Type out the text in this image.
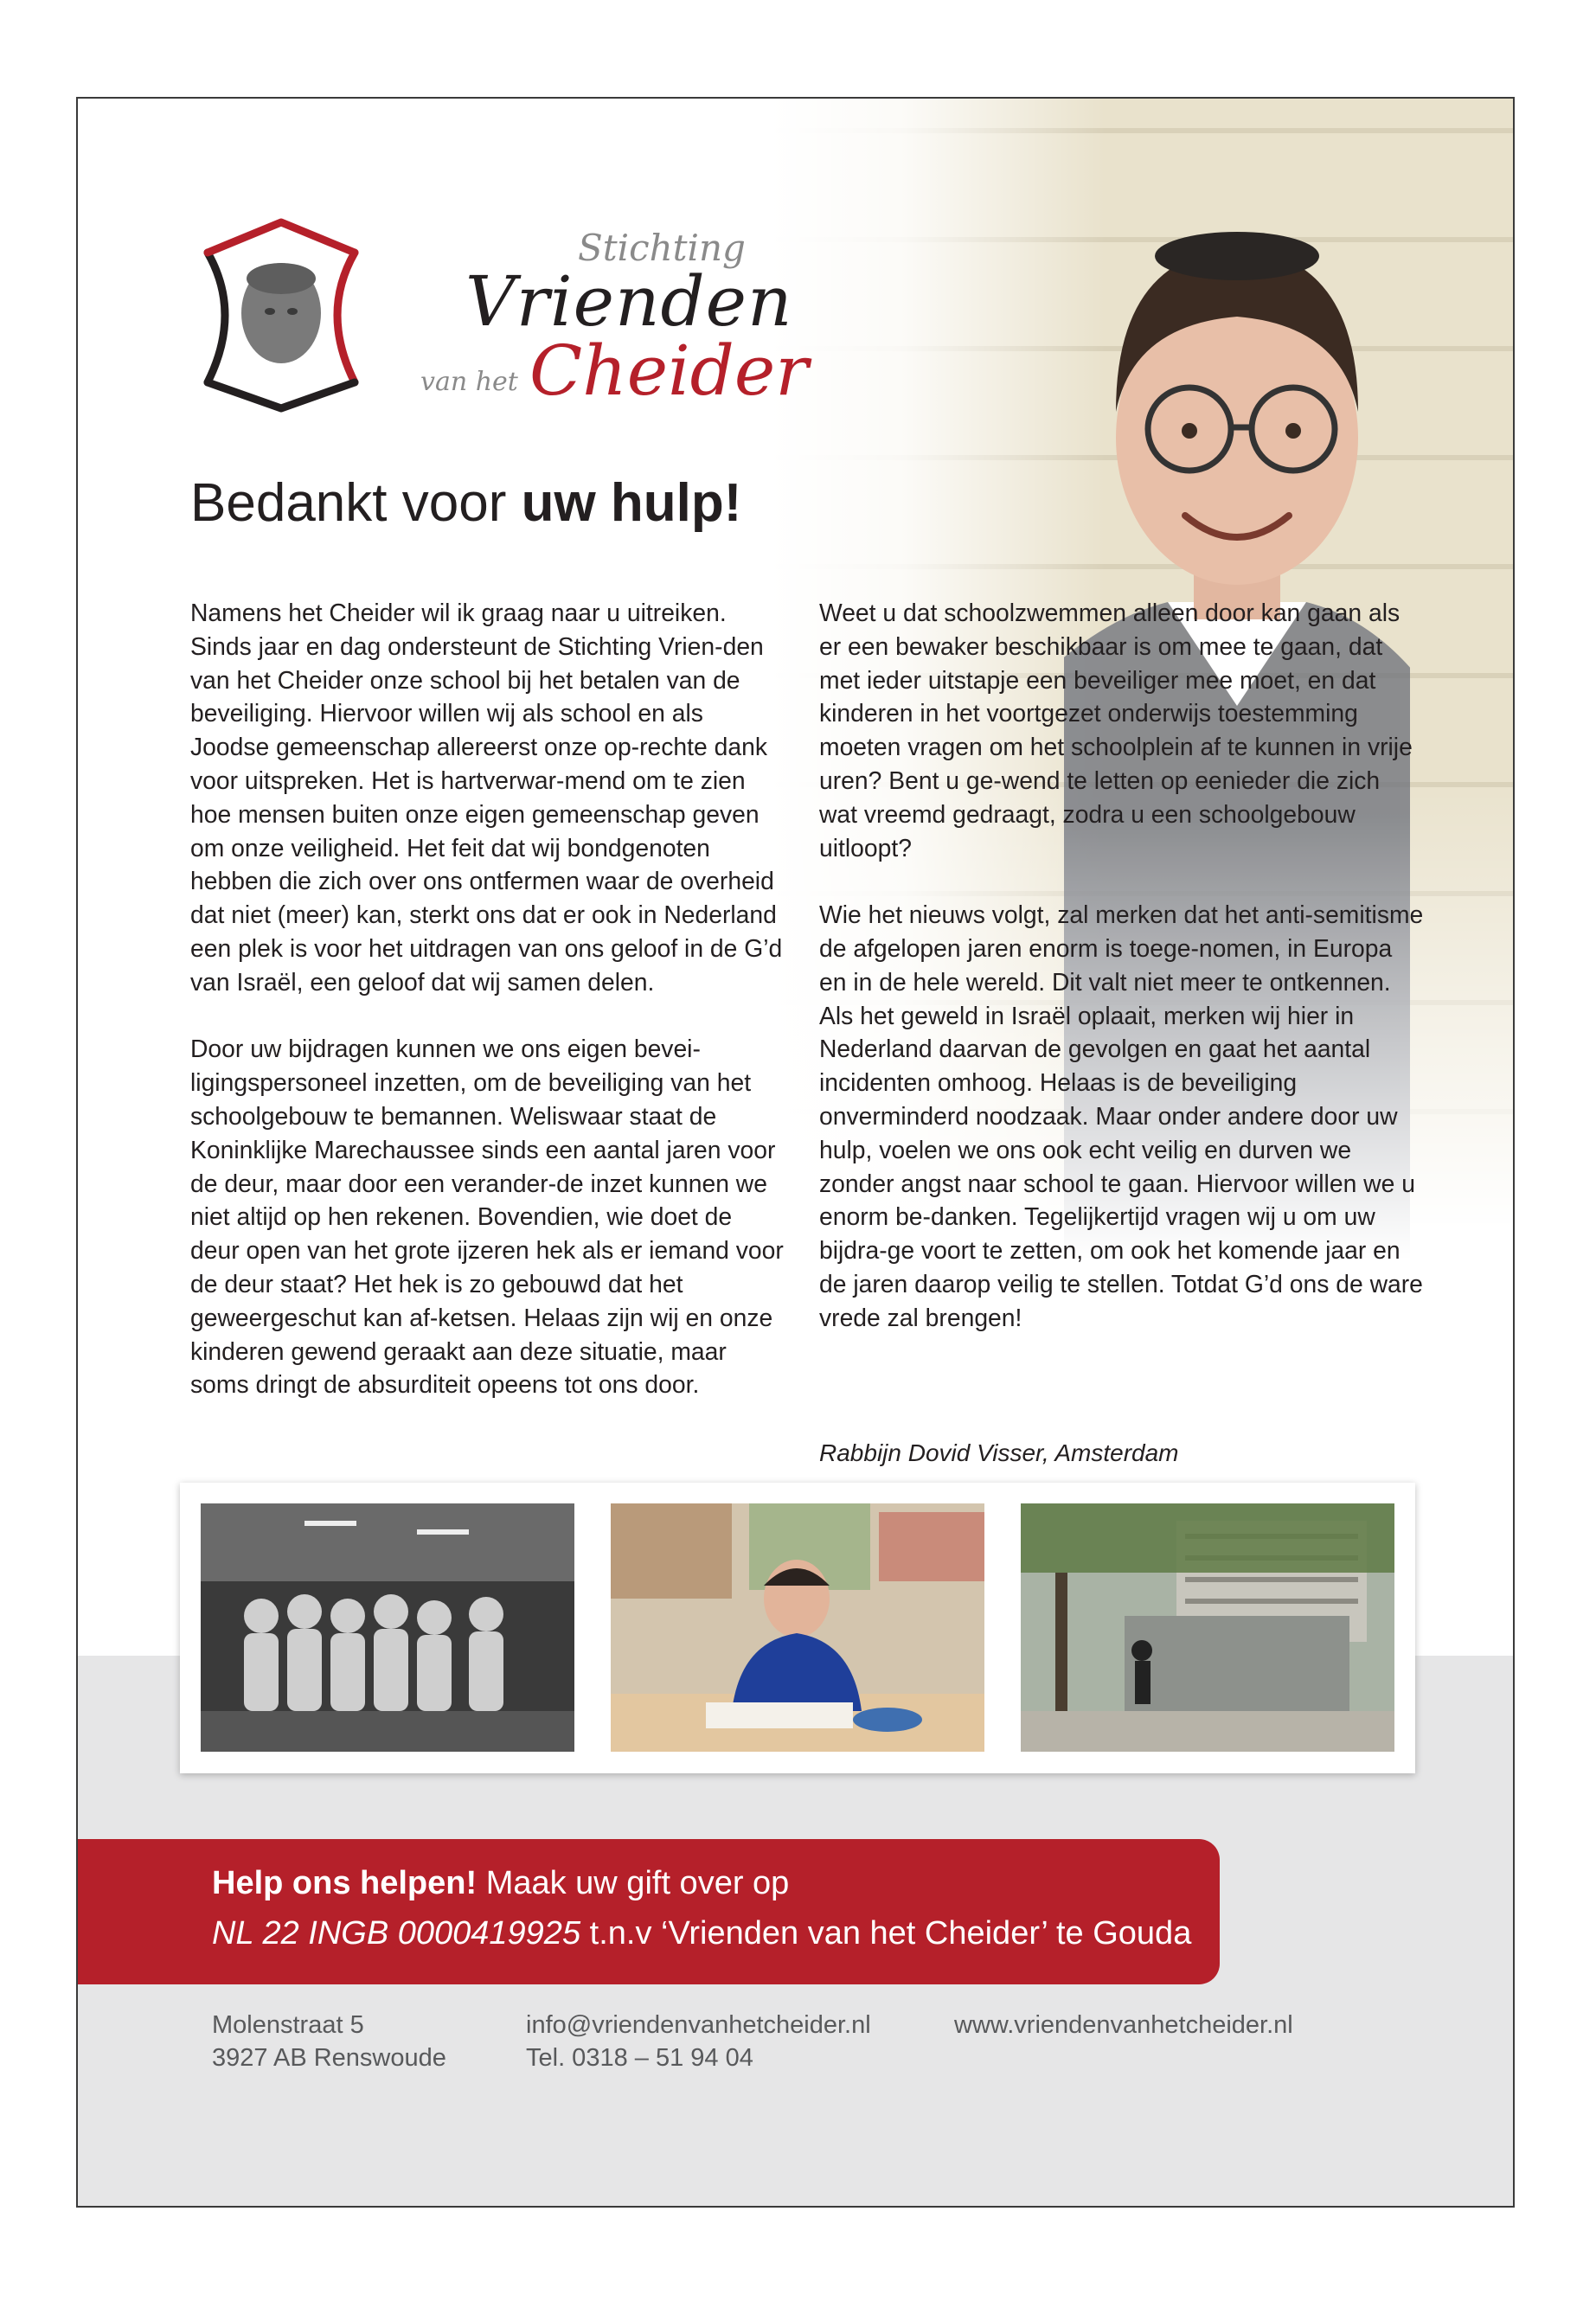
Stichting
Vrienden
van het Cheider
Bedankt voor uw hulp!

Namens het Cheider wil ik graag naar u uitreiken. Sinds jaar en dag ondersteunt de Stichting Vrien-den van het Cheider onze school bij het betalen van de beveiliging. Hiervoor willen wij als school en als Joodse gemeenschap allereerst onze op-rechte dank voor uitspreken. Het is hartverwar-mend om te zien hoe mensen buiten onze eigen gemeenschap geven om onze veiligheid. Het feit dat wij bondgenoten hebben die zich over ons ontfermen waar de overheid dat niet (meer) kan, sterkt ons dat er ook in Nederland een plek is voor het uitdragen van ons geloof in de G’d van Israël, een geloof dat wij samen delen.

Door uw bijdragen kunnen we ons eigen bevei-ligingspersoneel inzetten, om de beveiliging van het schoolgebouw te bemannen. Weliswaar staat de Koninklijke Marechaussee sinds een aantal jaren voor de deur, maar door een verander-de inzet kunnen we niet altijd op hen rekenen. Bovendien, wie doet de deur open van het grote ijzeren hek als er iemand voor de deur staat? Het hek is zo gebouwd dat het geweergeschut kan af-ketsen. Helaas zijn wij en onze kinderen gewend geraakt aan deze situatie, maar soms dringt de absurditeit opeens tot ons door.

Weet u dat schoolzwemmen alleen door kan gaan als er een bewaker beschikbaar is om mee te gaan, dat met ieder uitstapje een beveiliger mee moet, en dat kinderen in het voortgezet onderwijs toestemming moeten vragen om het schoolplein af te kunnen in vrije uren? Bent u ge-wend te letten op eenieder die zich wat vreemd gedraagt, zodra u een schoolgebouw uitloopt?

Wie het nieuws volgt, zal merken dat het anti-semitisme de afgelopen jaren enorm is toege-nomen, in Europa en in de hele wereld. Dit valt niet meer te ontkennen. Als het geweld in Israël oplaait, merken wij hier in Nederland daarvan de gevolgen en gaat het aantal incidenten omhoog. Helaas is de beveiliging onverminderd noodzaak. Maar onder andere door uw hulp, voelen we ons ook echt veilig en durven we zonder angst naar school te gaan. Hiervoor willen we u enorm be-danken. Tegelijkertijd vragen wij u om uw bijdra-ge voort te zetten, om ook het komende jaar en de jaren daarop veilig te stellen. Totdat G’d ons de ware vrede zal brengen!

Rabbijn Dovid Visser, Amsterdam
Help ons helpen! Maak uw gift over op
NL 22 INGB 0000419925 t.n.v ‘Vrienden van het Cheider’ te Gouda
Molenstraat 5
3927 AB Renswoude
info@vriendenvanhetcheider.nl
Tel. 0318 – 51 94 04
www.vriendenvanhetcheider.nl
